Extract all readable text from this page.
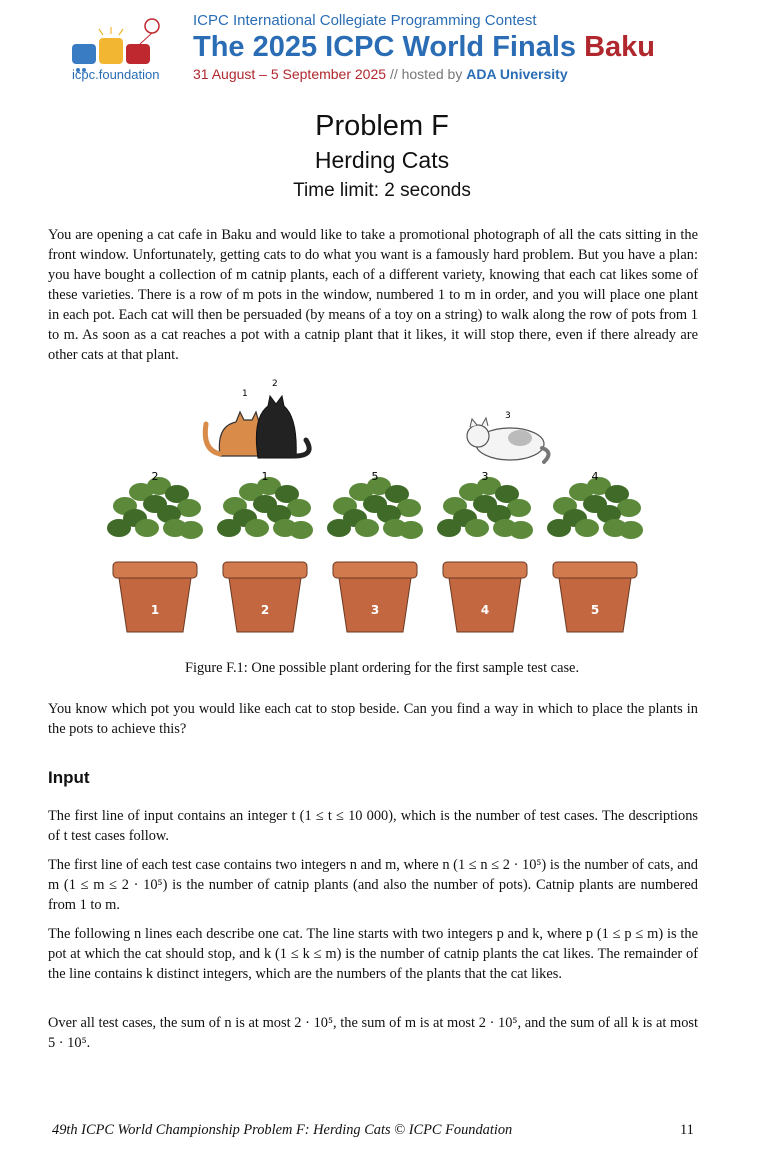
icpc.foundation
ICPC International Collegiate Programming Contest
The 2025 ICPC World Finals Baku
31 August – 5 September 2025 // hosted by ADA University
Problem F
Herding Cats
Time limit: 2 seconds
You are opening a cat cafe in Baku and would like to take a promotional photograph of all the cats sitting in the front window. Unfortunately, getting cats to do what you want is a famously hard problem. But you have a plan: you have bought a collection of m catnip plants, each of a different variety, knowing that each cat likes some of these varieties. There is a row of m pots in the window, numbered 1 to m in order, and you will place one plant in each pot. Each cat will then be persuaded (by means of a toy on a string) to walk along the row of pots from 1 to m. As soon as a cat reaches a pot with a catnip plant that it likes, it will stop there, even if there already are other cats at that plant.
1
2
3
1
2
2
1
3
5
4
3
5
4
Figure F.1: One possible plant ordering for the first sample test case.
You know which pot you would like each cat to stop beside. Can you find a way in which to place the plants in the pots to achieve this?
Input
The first line of input contains an integer t (1 ≤ t ≤ 10 000), which is the number of test cases. The descriptions of t test cases follow.
The first line of each test case contains two integers n and m, where n (1 ≤ n ≤ 2 · 10⁵) is the number of cats, and m (1 ≤ m ≤ 2 · 10⁵) is the number of catnip plants (and also the number of pots). Catnip plants are numbered from 1 to m.
The following n lines each describe one cat. The line starts with two integers p and k, where p (1 ≤ p ≤ m) is the pot at which the cat should stop, and k (1 ≤ k ≤ m) is the number of catnip plants the cat likes. The remainder of the line contains k distinct integers, which are the numbers of the plants that the cat likes.
Over all test cases, the sum of n is at most 2 · 10⁵, the sum of m is at most 2 · 10⁵, and the sum of all k is at most 5 · 10⁵.
49th ICPC World Championship Problem F: Herding Cats © ICPC Foundation	11
